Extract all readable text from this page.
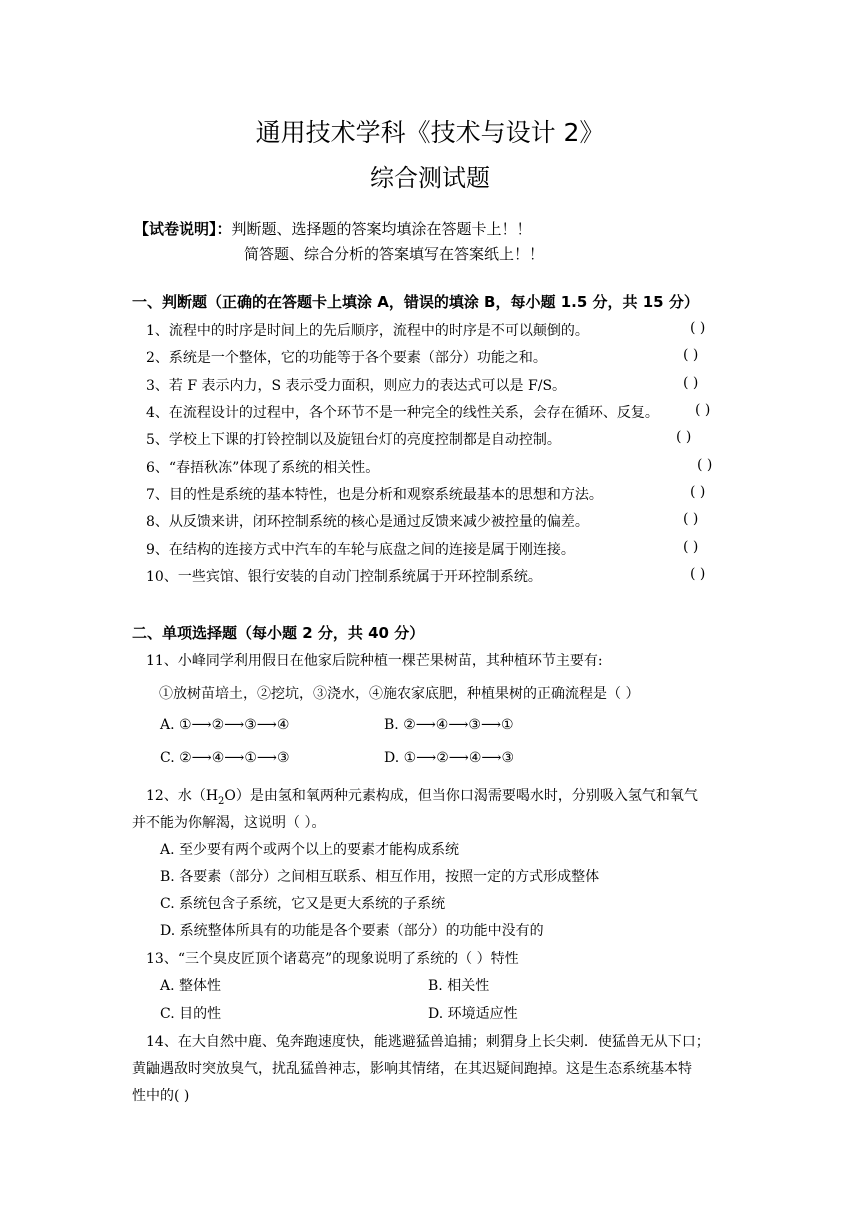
通用技术学科《技术与设计 2》
综合测试题
【试卷说明】：判断题、选择题的答案均填涂在答题卡上！！
简答题、综合分析的答案填写在答案纸上！！
一、判断题（正确的在答题卡上填涂 A，错误的填涂 B，每小题 1.5 分，共 15 分）
1、流程中的时序是时间上的先后顺序，流程中的时序是不可以颠倒的。	( )
2、系统是一个整体，它的功能等于各个要素（部分）功能之和。	( )
3、若 F 表示内力，S 表示受力面积，则应力的表达式可以是 F/S。	( )
4、在流程设计的过程中，各个环节不是一种完全的线性关系，会存在循环、反复。	( )
5、学校上下课的打铃控制以及旋钮台灯的亮度控制都是自动控制。	( )
6、“春捂秋冻”体现了系统的相关性。	( )
7、目的性是系统的基本特性，也是分析和观察系统最基本的思想和方法。	( )
8、从反馈来讲，闭环控制系统的核心是通过反馈来减少被控量的偏差。	( )
9、在结构的连接方式中汽车的车轮与底盘之间的连接是属于刚连接。	( )
10、一些宾馆、银行安装的自动门控制系统属于开环控制系统。	( )
二、单项选择题（每小题 2 分，共 40 分）
11、小峰同学利用假日在他家后院种植一棵芒果树苗，其种植环节主要有:
①放树苗培土，②挖坑，③浇水，④施农家底肥，种植果树的正确流程是（ ）
A. ①⟶②⟶③⟶④	B. ②⟶④⟶③⟶①
C. ②⟶④⟶①⟶③	D. ①⟶②⟶④⟶③
12、水$(H_2O)$是由氢和氧两种元素构成，但当你口渴需要喝水时，分别吸入氢气和氧气
并不能为你解渴，这说明（ ）。
A. 至少要有两个或两个以上的要素才能构成系统
B. 各要素（部分）之间相互联系、相互作用，按照一定的方式形成整体
C. 系统包含子系统，它又是更大系统的子系统
D. 系统整体所具有的功能是各个要素（部分）的功能中没有的
13、“三个臭皮匠顶个诸葛亮”的现象说明了系统的（ ）特性
A. 整体性	B. 相关性
C. 目的性	D. 环境适应性
14、在大自然中鹿、兔奔跑速度快，能逃避猛兽追捕；刺猬身上长尖刺．使猛兽无从下口；
黄鼬遇敌时突放臭气，扰乱猛兽神志，影响其情绪，在其迟疑间跑掉。这是生态系统基本特
性中的( )
